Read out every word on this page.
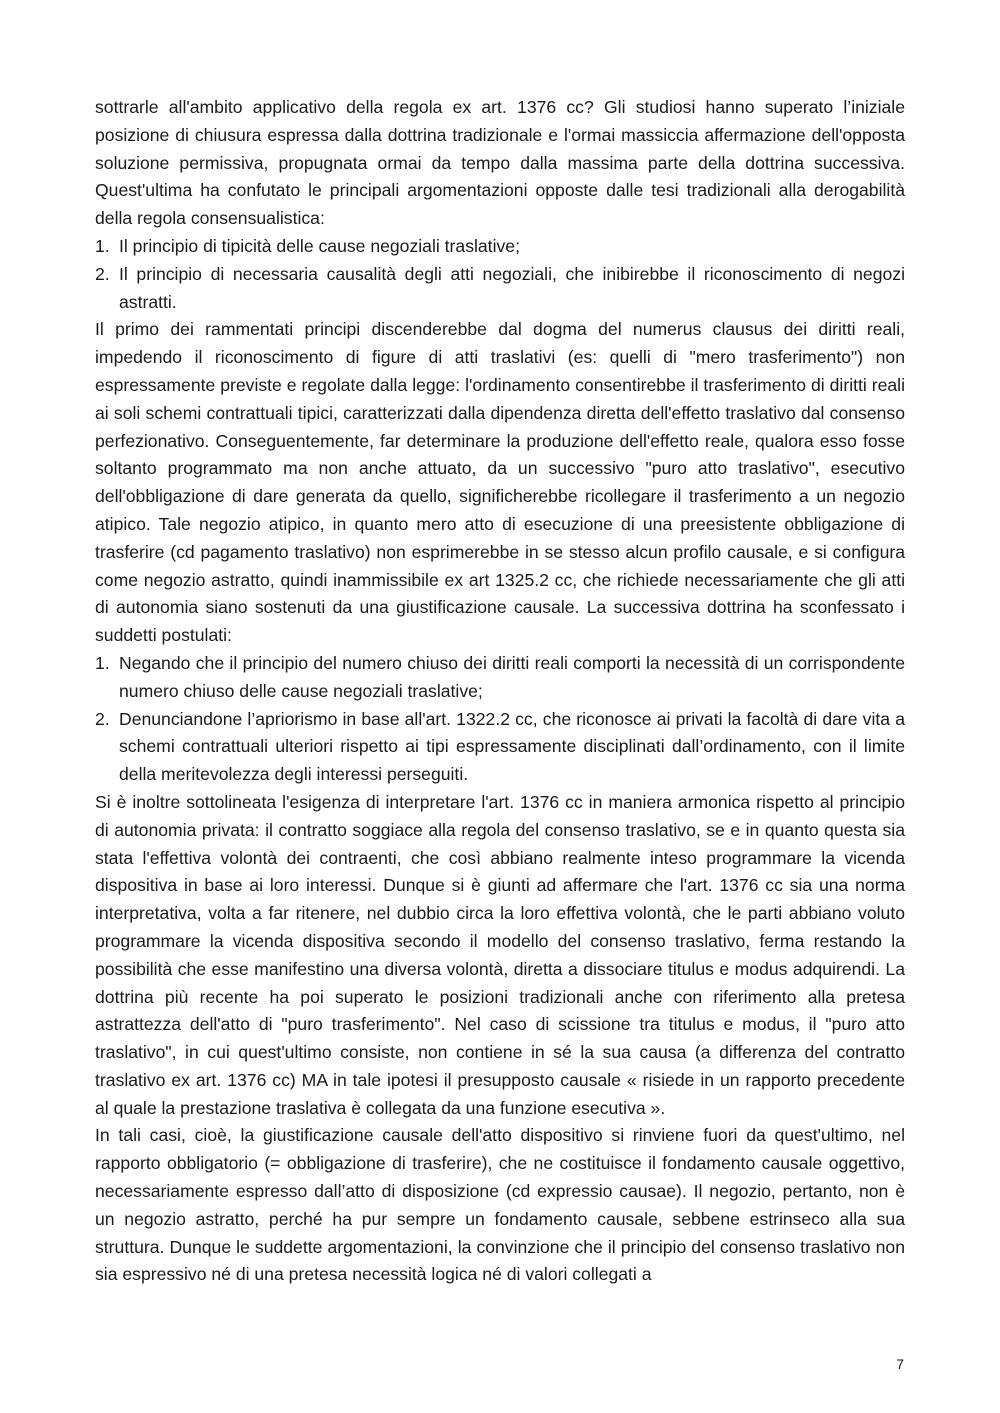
sottrarle all'ambito applicativo della regola ex art. 1376 cc? Gli studiosi hanno superato l’iniziale posizione di chiusura espressa dalla dottrina tradizionale e l'ormai massiccia affermazione dell'opposta soluzione permissiva, propugnata ormai da tempo dalla massima parte della dottrina successiva. Quest'ultima ha confutato le principali argomentazioni opposte dalle tesi tradizionali alla derogabilità della regola consensualistica:

1. Il principio di tipicità delle cause negoziali traslative;
2. Il principio di necessaria causalità degli atti negoziali, che inibirebbe il riconoscimento di negozi astratti.

Il primo dei rammentati principi discenderebbe dal dogma del numerus clausus dei diritti reali, impedendo il riconoscimento di figure di atti traslativi (es: quelli di "mero trasferimento") non espressamente previste e regolate dalla legge: l'ordinamento consentirebbe il trasferimento di diritti reali ai soli schemi contrattuali tipici, caratterizzati dalla dipendenza diretta dell'effetto traslativo dal consenso perfezionativo. Conseguentemente, far determinare la produzione dell'effetto reale, qualora esso fosse soltanto programmato ma non anche attuato, da un successivo "puro atto traslativo", esecutivo dell'obbligazione di dare generata da quello, significherebbe ricollegare il trasferimento a un negozio atipico. Tale negozio atipico, in quanto mero atto di esecuzione di una preesistente obbligazione di trasferire (cd pagamento traslativo) non esprimerebbe in se stesso alcun profilo causale, e si configura come negozio astratto, quindi inammissibile ex art 1325.2 cc, che richiede necessariamente che gli atti di autonomia siano sostenuti da una giustificazione causale. La successiva dottrina ha sconfessato i suddetti postulati:

1. Negando che il principio del numero chiuso dei diritti reali comporti la necessità di un corrispondente numero chiuso delle cause negoziali traslative;
2. Denunciandone l’apriorismo in base all'art. 1322.2 cc, che riconosce ai privati la facoltà di dare vita a schemi contrattuali ulteriori rispetto ai tipi espressamente disciplinati dall’ordinamento, con il limite della meritevolezza degli interessi perseguiti.

Si è inoltre sottolineata l'esigenza di interpretare l'art. 1376 cc in maniera armonica rispetto al principio di autonomia privata: il contratto soggiace alla regola del consenso traslativo, se e in quanto questa sia stata l'effettiva volontà dei contraenti, che così abbiano realmente inteso programmare la vicenda dispositiva in base ai loro interessi. Dunque si è giunti ad affermare che l'art. 1376 cc sia una norma interpretativa, volta a far ritenere, nel dubbio circa la loro effettiva volontà, che le parti abbiano voluto programmare la vicenda dispositiva secondo il modello del consenso traslativo, ferma restando la possibilità che esse manifestino una diversa volontà, diretta a dissociare titulus e modus adquirendi. La dottrina più recente ha poi superato le posizioni tradizionali anche con riferimento alla pretesa astrattezza dell'atto di "puro trasferimento". Nel caso di scissione tra titulus e modus, il "puro atto traslativo", in cui quest'ultimo consiste, non contiene in sé la sua causa (a differenza del contratto traslativo ex art. 1376 cc) MA in tale ipotesi il presupposto causale « risiede in un rapporto precedente al quale la prestazione traslativa è collegata da una funzione esecutiva ».

In tali casi, cioè, la giustificazione causale dell'atto dispositivo si rinviene fuori da quest'ultimo, nel rapporto obbligatorio (= obbligazione di trasferire), che ne costituisce il fondamento causale oggettivo, necessariamente espresso dall’atto di disposizione (cd expressio causae). Il negozio, pertanto, non è un negozio astratto, perché ha pur sempre un fondamento causale, sebbene estrinseco alla sua struttura. Dunque le suddette argomentazioni, la convinzione che il principio del consenso traslativo non sia espressivo né di una pretesa necessità logica né di valori collegati a

7
